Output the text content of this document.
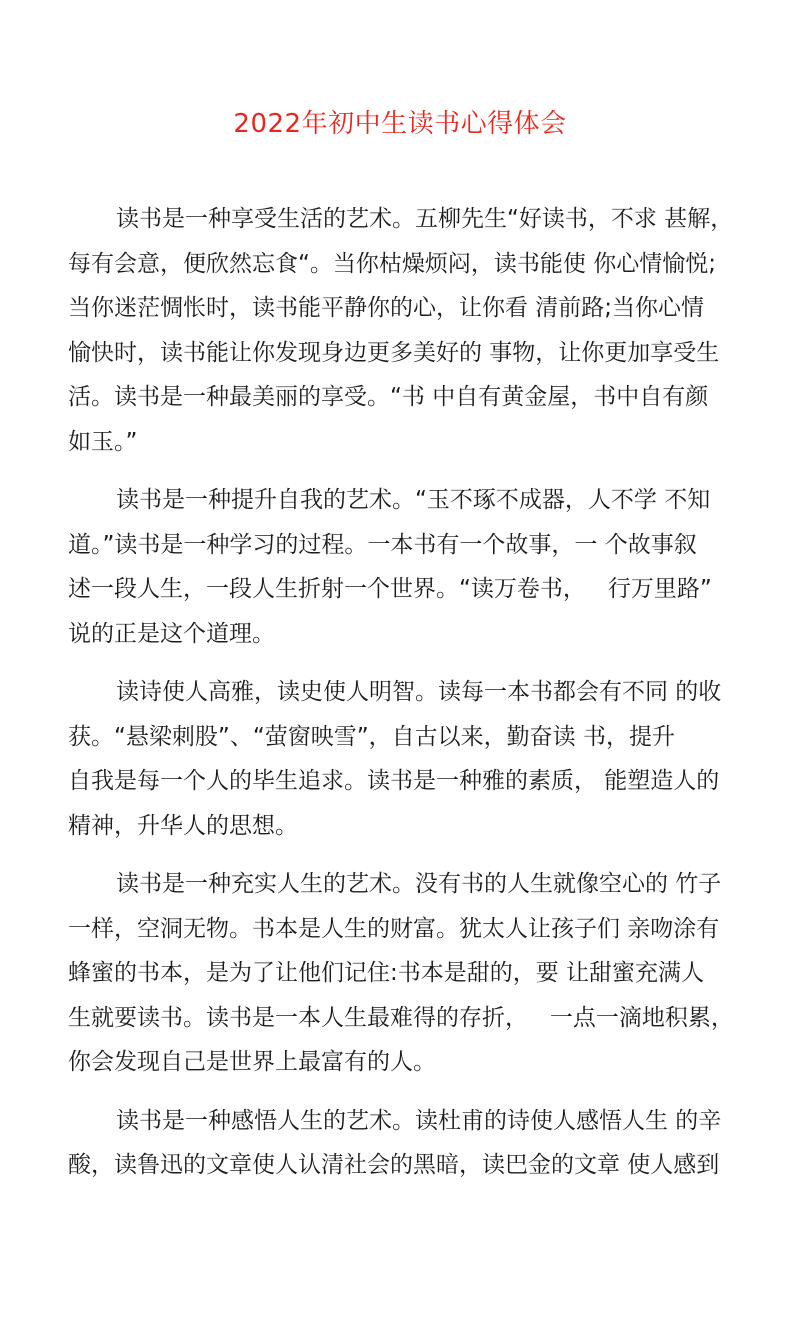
2022年初中生读书心得体会
读书是一种享受生活的艺术。五柳先生“好读书，不求 甚解，
每有会意，便欣然忘食“。当你枯燥烦闷，读书能使 你心情愉悦;
当你迷茫惆怅时，读书能平静你的心，让你看 清前路;当你心情
愉快时，读书能让你发现身边更多美好的 事物，让你更加享受生
活。读书是一种最美丽的享受。“书 中自有黄金屋，书中自有颜
如玉。”
读书是一种提升自我的艺术。“玉不琢不成器，人不学 不知
道。”读书是一种学习的过程。一本书有一个故事，一 个故事叙
述一段人生，一段人生折射一个世界。“读万卷书，   行万里路”
说的正是这个道理。
读诗使人高雅，读史使人明智。读每一本书都会有不同 的收
获。“悬梁刺股”、“萤窗映雪”，自古以来，勤奋读 书，提升
自我是每一个人的毕生追求。读书是一种雅的素质， 能塑造人的
精神，升华人的思想。
读书是一种充实人生的艺术。没有书的人生就像空心的 竹子
一样，空洞无物。书本是人生的财富。犹太人让孩子们 亲吻涂有
蜂蜜的书本，是为了让他们记住:书本是甜的，要 让甜蜜充满人
生就要读书。读书是一本人生最难得的存折，   一点一滴地积累，
你会发现自己是世界上最富有的人。
读书是一种感悟人生的艺术。读杜甫的诗使人感悟人生 的辛
酸，读鲁迅的文章使人认清社会的黑暗，读巴金的文章 使人感到
